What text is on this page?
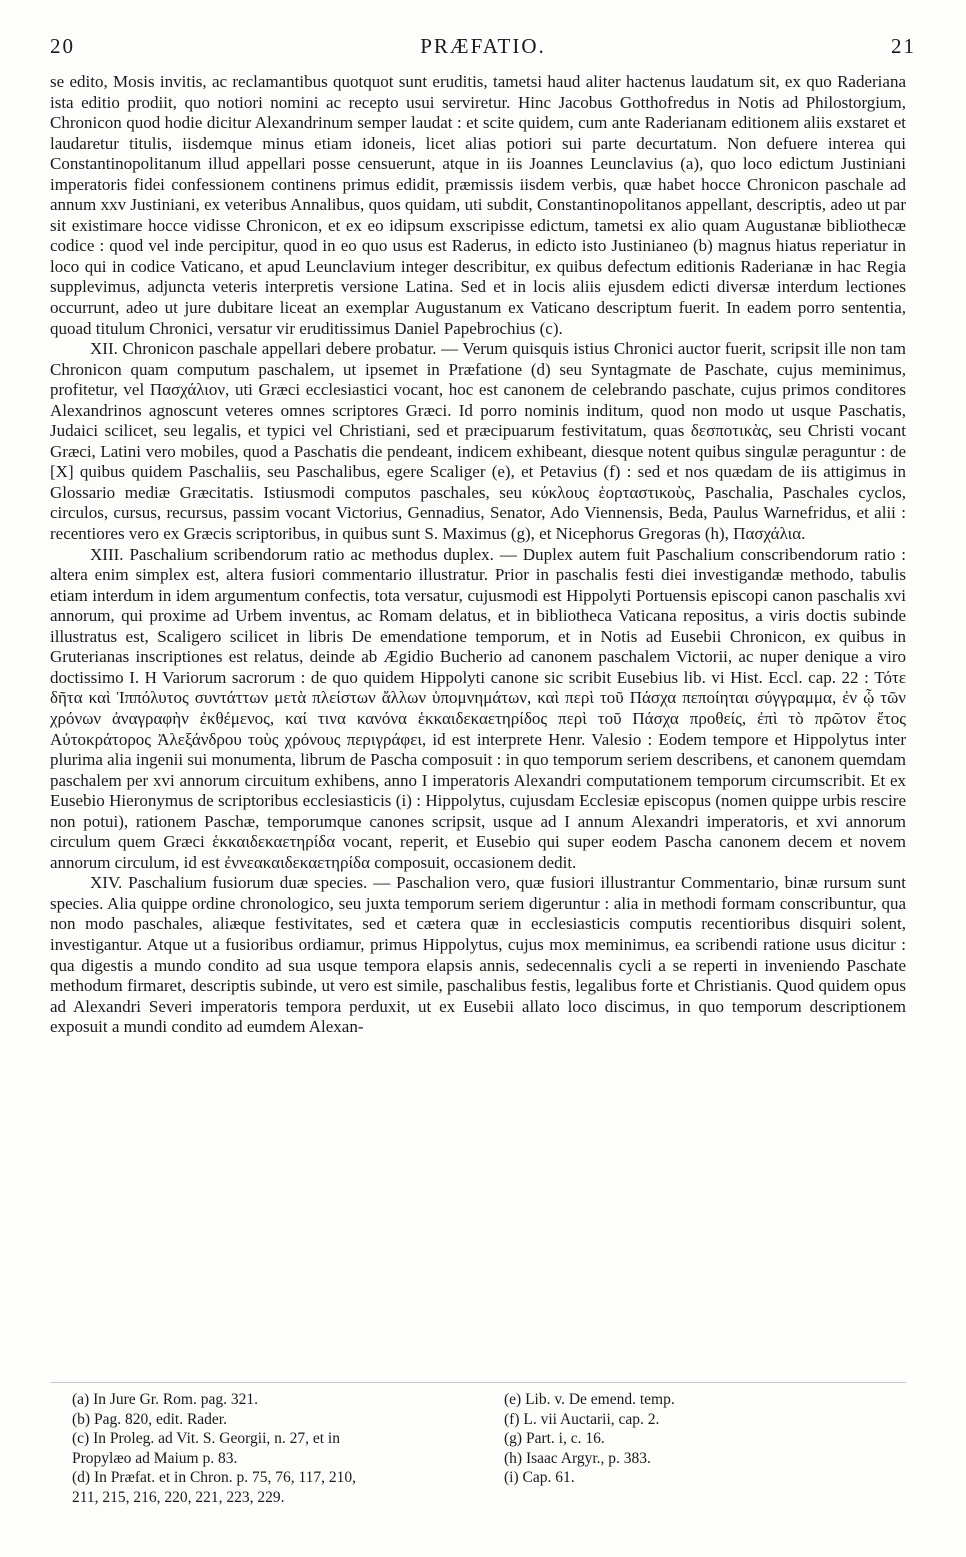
20	PRÆFATIO.	21

se edito, Mosis invitis, ac reclamantibus quotquot sunt eruditis, tametsi haud aliter hactenus laudatum sit, ex quo Raderiana ista editio prodiit, quo notiori nomini ac recepto usui serviretur. Hinc Jacobus Gotthofredus in Notis ad Philostorgium, Chronicon quod hodie dicitur Alexandrinum semper laudat : et scite quidem, cum ante Raderianam editionem aliis exstaret et laudaretur titulis, iisdemque minus etiam idoneis, licet alias potiori sui parte decurtatum. Non defuere interea qui Constantinopolitanum illud appellari posse censuerunt, atque in iis Joannes Leunclavius (a), quo loco edictum Justiniani imperatoris fidei confessionem continens primus edidit, præmissis iisdem verbis, quæ habet hocce Chronicon paschale ad annum xxv Justiniani, ex veteribus Annalibus, quos quidam, uti subdit, Constantinopolitanos appellant, descriptis, adeo ut par sit existimare hocce vidisse Chronicon, et ex eo idipsum exscripisse edictum, tametsi ex alio quam Augustanæ bibliothecæ codice : quod vel inde percipitur, quod in eo quo usus est Raderus, in edicto isto Justinianeo (b) magnus hiatus reperiatur in loco qui in codice Vaticano, et apud Leunclavium integer describitur, ex quibus defectum editionis Raderianæ in hac Regia supplevimus, adjuncta veteris interpretis versione Latina. Sed et in locis aliis ejusdem edicti diversæ interdum lectiones occurrunt, adeo ut jure dubitare liceat an exemplar Augustanum ex Vaticano descriptum fuerit. In eadem porro sententia, quoad titulum Chronici, versatur vir eruditissimus Daniel Papebrochius (c).

XII. Chronicon paschale appellari debere probatur. — Verum quisquis istius Chronici auctor fuerit, scripsit ille non tam Chronicon quam computum paschalem, ut ipsemet in Præfatione (d) seu Syntagmate de Paschate, cujus meminimus, profitetur, vel Πασχάλιον, uti Græci ecclesiastici vocant, hoc est canonem de celebrando paschate, cujus primos conditores Alexandrinos agnoscunt veteres omnes scriptores Græci. Id porro nominis inditum, quod non modo ut usque Paschatis, Judaici scilicet, seu legalis, et typici vel Christiani, sed et præcipuarum festivitatum, quas δεσποτικὰς, seu Christi vocant Græci, Latini vero mobiles, quod a Paschatis die pendeant, indicem exhibeant, diesque notent quibus singulæ peraguntur : de [X] quibus quidem Paschaliis, seu Paschalibus, egere Scaliger (e), et Petavius (f) : sed et nos quædam de iis attigimus in Glossario mediæ Græcitatis. Istiusmodi computos paschales, seu κύκλους ἑορταστικοὺς, Paschalia, Paschales cyclos, circulos, cursus, recursus, passim vocant Victorius, Gennadius, Senator, Ado Viennensis, Beda, Paulus Warnefridus, et alii : recentiores vero ex Græcis scriptoribus, in quibus sunt S. Maximus (g), et Nicephorus Gregoras (h), Πασχάλια.

XIII. Paschalium scribendorum ratio ac methodus duplex. — Duplex autem fuit Paschalium conscribendorum ratio : altera enim simplex est, altera fusiori commentario illustratur. Prior in paschalis festi diei investigandæ methodo, tabulis etiam interdum in idem argumentum confectis, tota versatur, cujusmodi est Hippolyti Portuensis episcopi canon paschalis xvi annorum, qui proxime ad Urbem inventus, ac Romam delatus, et in bibliotheca Vaticana repositus, a viris doctis subinde illustratus est, Scaligero scilicet in libris De emendatione temporum, et in Notis ad Eusebii Chronicon, ex quibus in Gruterianas inscriptiones est relatus, deinde ab Ægidio Bucherio ad canonem paschalem Victorii, ac nuper denique a viro doctissimo I. H Variorum sacrorum : de quo quidem Hippolyti canone sic scribit Eusebius lib. vi Hist. Eccl. cap. 22 : Τότε δῆτα καὶ Ἱππόλυτος συντάττων μετὰ πλείστων ἄλλων ὑπομνημάτων, καὶ περὶ τοῦ Πάσχα πεποίηται σύγγραμμα, ἐν ᾧ τῶν χρόνων ἀναγραφὴν ἐκθέμενος, καί τινα κανόνα ἑκκαιδεκαετηρίδος περὶ τοῦ Πάσχα προθείς, ἐπὶ τὸ πρῶτον ἔτος Αὐτοκράτορος Ἀλεξάνδρου τοὺς χρόνους περιγράφει, id est interprete Henr. Valesio : Eodem tempore et Hippolytus inter plurima alia ingenii sui monumenta, librum de Pascha composuit : in quo temporum seriem describens, et canonem quemdam paschalem per xvi annorum circuitum exhibens, anno I imperatoris Alexandri computationem temporum circumscribit. Et ex Eusebio Hieronymus de scriptoribus ecclesiasticis (i) : Hippolytus, cujusdam Ecclesiæ episcopus (nomen quippe urbis rescire non potui), rationem Paschæ, temporumque canones scripsit, usque ad I annum Alexandri imperatoris, et xvi annorum circulum quem Græci ἑκκαιδεκαετηρίδα vocant, reperit, et Eusebio qui super eodem Pascha canonem decem et novem annorum circulum, id est ἐννεακαιδεκαετηρίδα composuit, occasionem dedit.

XIV. Paschalium fusiorum duæ species. — Paschalion vero, quæ fusiori illustrantur Commentario, binæ rursum sunt species. Alia quippe ordine chronologico, seu juxta temporum seriem digeruntur : alia in methodi formam conscribuntur, qua non modo paschales, aliæque festivitates, sed et cætera quæ in ecclesiasticis computis recentioribus disquiri solent, investigantur. Atque ut a fusioribus ordiamur, primus Hippolytus, cujus mox meminimus, ea scribendi ratione usus dicitur : qua digestis a mundo condito ad sua usque tempora elapsis annis, sedecennalis cycli a se reperti in inveniendo Paschate methodum firmaret, descriptis subinde, ut vero est simile, paschalibus festis, legalibus forte et Christianis. Quod quidem opus ad Alexandri Severi imperatoris tempora perduxit, ut ex Eusebii allato loco discimus, in quo temporum descriptionem exposuit a mundi condito ad eumdem Alexan-

(a) In Jure Gr. Rom. pag. 321.
(b) Pag. 820, edit. Rader.
(c) In Proleg. ad Vit. S. Georgii, n. 27, et in
Propylæo ad Maium p. 83.
(d) In Præfat. et in Chron. p. 75, 76, 117, 210,
211, 215, 216, 220, 221, 223, 229.
(e) Lib. v. De emend. temp.
(f) L. vii Auctarii, cap. 2.
(g) Part. i, c. 16.
(h) Isaac Argyr., p. 383.
(i) Cap. 61.
